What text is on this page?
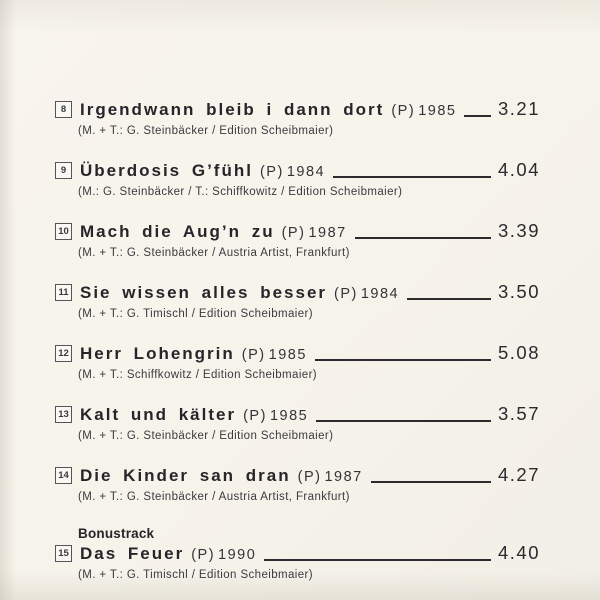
8 Irgendwann bleib i dann dort (P) 1985 3.21
(M. + T.: G. Steinbäcker / Edition Scheibmaier)
9 Überdosis G’fühl (P) 1984	4.04
(M.: G. Steinbäcker / T.: Schiffkowitz / Edition Scheibmaier)
10 Mach die Aug’n zu (P) 1987	3.39
(M. + T.: G. Steinbäcker / Austria Artist, Frankfurt)
11 Sie wissen alles besser (P) 1984	3.50
(M. + T.: G. Timischl / Edition Scheibmaier)
12 Herr Lohengrin (P) 1985	5.08
(M. + T.: Schiffkowitz / Edition Scheibmaier)
13 Kalt und kälter (P) 1985	3.57
(M. + T.: G. Steinbäcker / Edition Scheibmaier)
14 Die Kinder san dran (P) 1987	4.27
(M. + T.: G. Steinbäcker / Austria Artist, Frankfurt)
Bonustrack
15 Das Feuer (P) 1990	4.40
(M. + T.: G. Timischl / Edition Scheibmaier)
